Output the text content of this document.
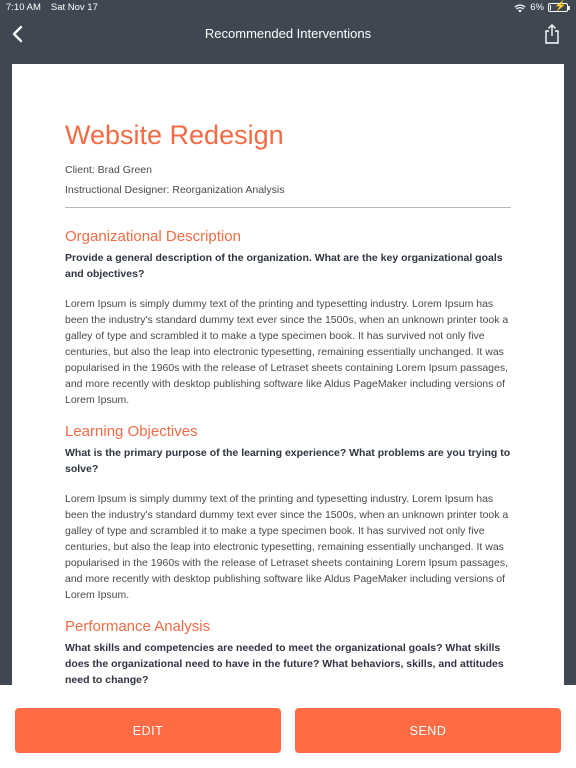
7:10 AM Sat Nov 17	6% ⚡
Recommended Interventions
Website Redesign
Client: Brad Green
Instructional Designer: Reorganization Analysis
Organizational Description
Provide a general description of the organization. What are the key organizational goals and objectives?
Lorem Ipsum is simply dummy text of the printing and typesetting industry. Lorem Ipsum has been the industry's standard dummy text ever since the 1500s, when an unknown printer took a galley of type and scrambled it to make a type specimen book. It has survived not only five centuries, but also the leap into electronic typesetting, remaining essentially unchanged. It was popularised in the 1960s with the release of Letraset sheets containing Lorem Ipsum passages, and more recently with desktop publishing software like Aldus PageMaker including versions of Lorem Ipsum.
Learning Objectives
What is the primary purpose of the learning experience? What problems are you trying to solve?
Lorem Ipsum is simply dummy text of the printing and typesetting industry. Lorem Ipsum has been the industry's standard dummy text ever since the 1500s, when an unknown printer took a galley of type and scrambled it to make a type specimen book. It has survived not only five centuries, but also the leap into electronic typesetting, remaining essentially unchanged. It was popularised in the 1960s with the release of Letraset sheets containing Lorem Ipsum passages, and more recently with desktop publishing software like Aldus PageMaker including versions of Lorem Ipsum.
Performance Analysis
What skills and competencies are needed to meet the organizational goals? What skills does the organizational need to have in the future? What behaviors, skills, and attitudes need to change?
EDIT	SEND
